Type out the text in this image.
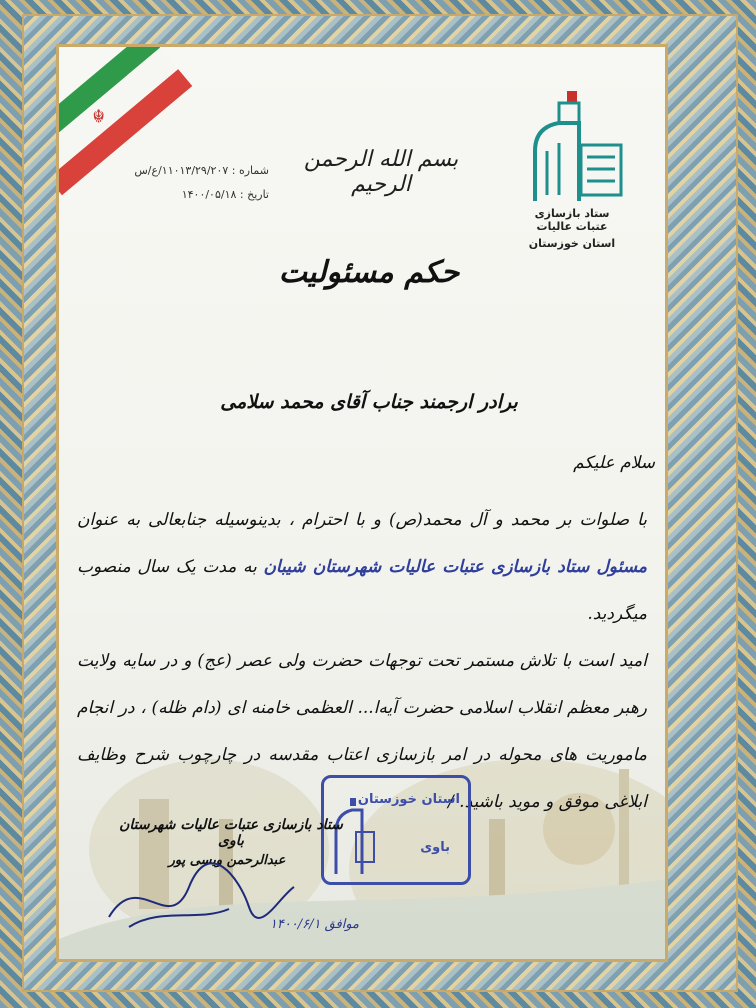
☬
ستاد بازسازی عتبات عالیات
استان خوزستان
بسم الله الرحمن الرحیم
شماره : ۱۱۰۱۳/۲۹/۲۰۷/ع/س
تاریخ : ۱۴۰۰/۰۵/۱۸
حکم مسئولیت
برادر ارجمند جناب آقای محمد سلامی
سلام علیکم
با صلوات بر محمد و آل محمد(ص) و با احترام ، بدینوسیله جنابعالی به عنوان مسئول ستاد بازسازی عتبات عالیات شهرستان شیبان به مدت یک سال منصوب میگردید.
امید است با تلاش مستمر تحت توجهات حضرت ولی عصر (عج) و در سایه ولایت رهبر معظم انقلاب اسلامی حضرت آیه‌ا... العظمی خامنه ای (دام ظله) ، در انجام ماموریت های محوله در امر بازسازی اعتاب مقدسه در چارچوب شرح وظایف ابلاغی موفق و موید باشید. /
استان خوزستان
باوی
ستاد بازسازی عتبات عالیات شهرستان باوی
عبدالرحمن ویسی پور
موافق ۱۴۰۰/۶/۱
